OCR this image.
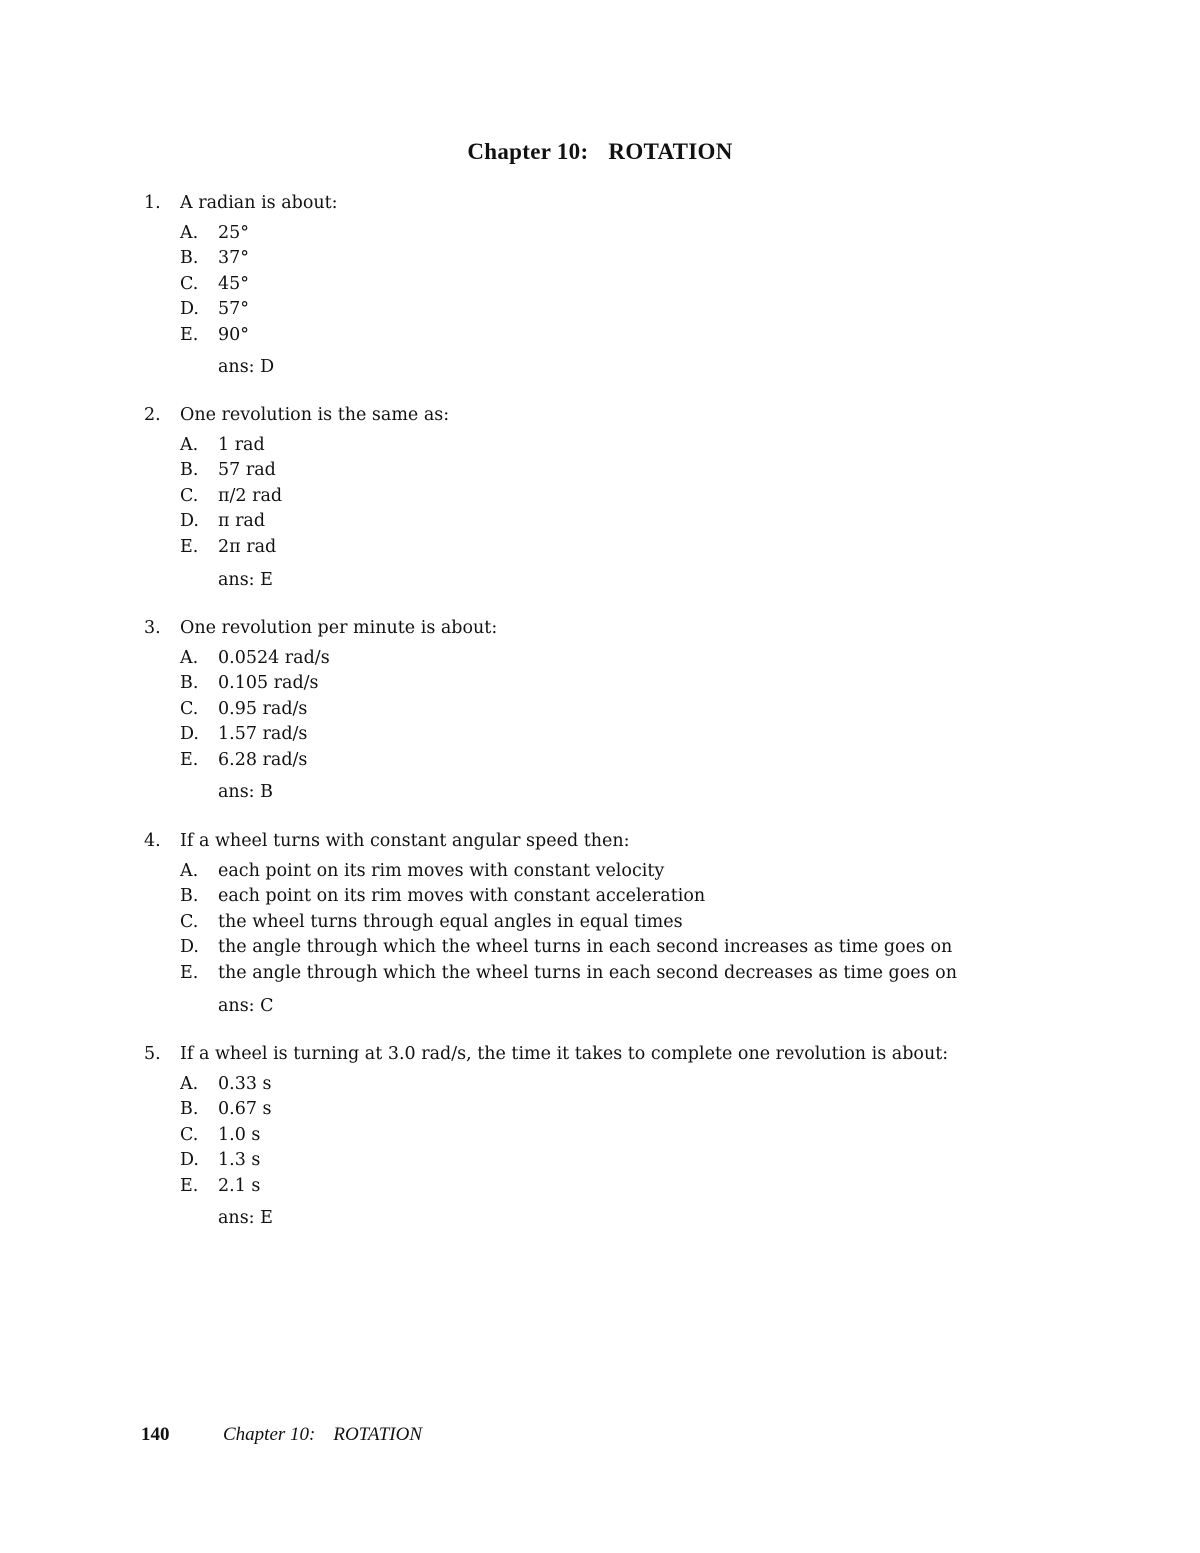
Chapter 10: ROTATION
1.	A radian is about:
A.	25°
B.	37°
C.	45°
D.	57°
E.	90°
ans: D
2.	One revolution is the same as:
A.	1 rad
B.	57 rad
C.	π/2 rad
D.	π rad
E.	2π rad
ans: E
3.	One revolution per minute is about:
A.	0.0524 rad/s
B.	0.105 rad/s
C.	0.95 rad/s
D.	1.57 rad/s
E.	6.28 rad/s
ans: B
4.	If a wheel turns with constant angular speed then:
A.	each point on its rim moves with constant velocity
B.	each point on its rim moves with constant acceleration
C.	the wheel turns through equal angles in equal times
D.	the angle through which the wheel turns in each second increases as time goes on
E.	the angle through which the wheel turns in each second decreases as time goes on
ans: C
5.	If a wheel is turning at 3.0 rad/s, the time it takes to complete one revolution is about:
A.	0.33 s
B.	0.67 s
C.	1.0 s
D.	1.3 s
E.	2.1 s
ans: E
140	Chapter 10: ROTATION
